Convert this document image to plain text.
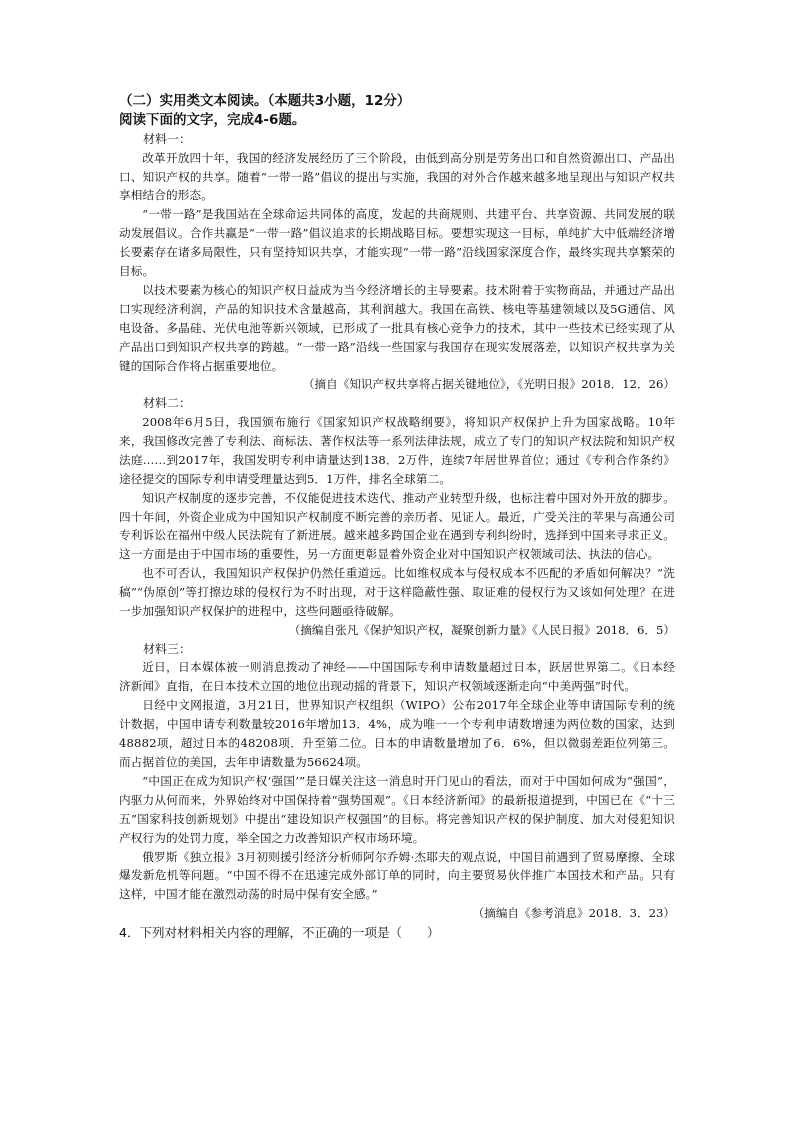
（二）实用类文本阅读。（本题共3小题，12分）

阅读下面的文字，完成4-6题。

材料一：

改革开放四十年，我国的经济发展经历了三个阶段，由低到高分别是劳务出口和自然资源出口、产品出口、知识产权的共享。随着“一带一路”倡议的提出与实施，我国的对外合作越来越多地呈现出与知识产权共享相结合的形态。

“一带一路”是我国站在全球命运共同体的高度，发起的共商规则、共建平台、共享资源、共同发展的联动发展倡议。合作共赢是“一带一路”倡议追求的长期战略目标。要想实现这一目标，单纯扩大中低端经济增长要素存在诸多局限性，只有坚持知识共享，才能实现“一带一路”沿线国家深度合作，最终实现共享繁荣的目标。

以技术要素为核心的知识产权日益成为当今经济增长的主导要素。技术附着于实物商品，并通过产品出口实现经济利润，产品的知识技术含量越高，其利润越大。我国在高铁、核电等基建领域以及5G通信、风电设备、多晶硅、光伏电池等新兴领域，已形成了一批具有核心竞争力的技术，其中一些技术已经实现了从产品出口到知识产权共享的跨越。“一带一路”沿线一些国家与我国存在现实发展落差，以知识产权共享为关键的国际合作将占据重要地位。

（摘自《知识产权共享将占据关键地位》，《光明日报》2018．12．26）

材料二：

2008年6月5日，我国颁布施行《国家知识产权战略纲要》，将知识产权保护上升为国家战略。10年来，我国修改完善了专利法、商标法、著作权法等一系列法律法规，成立了专门的知识产权法院和知识产权法庭……到2017年，我国发明专利申请量达到138．2万件，连续7年居世界首位；通过《专利合作条约》途径提交的国际专利申请受理量达到5．1万件，排名全球第二。

知识产权制度的逐步完善，不仅能促进技术迭代、推动产业转型升级，也标注着中国对外开放的脚步。四十年间，外资企业成为中国知识产权制度不断完善的亲历者、见证人。最近，广受关注的苹果与高通公司专利诉讼在福州中级人民法院有了新进展。越来越多跨国企业在遇到专利纠纷时，选择到中国来寻求正义。这一方面是由于中国市场的重要性，另一方面更彰显着外资企业对中国知识产权领域司法、执法的信心。

也不可否认，我国知识产权保护仍然任重道远。比如维权成本与侵权成本不匹配的矛盾如何解决？“洗稿”“伪原创”等打擦边球的侵权行为不时出现，对于这样隐蔽性强、取证难的侵权行为又该如何处理？在进一步加强知识产权保护的进程中，这些问题亟待破解。

（摘编自张凡《保护知识产权，凝聚创新力量》《人民日报》2018．6．5）

材料三：

近日，日本媒体被一则消息拨动了神经——中国国际专利申请数量超过日本，跃居世界第二。《日本经济新闻》直指，在日本技术立国的地位出现动摇的背景下，知识产权领域逐渐走向“中美两强”时代。

日经中文网报道，3月21日，世界知识产权组织（WIPO）公布2017年全球企业等申请国际专利的统计数据，中国申请专利数量较2016年增加13．4%，成为唯一一个专利申请数增速为两位数的国家，达到48882项，超过日本的48208项．升至第二位。日本的申请数量增加了6．6%，但以微弱差距位列第三。而占据首位的美国，去年申请数量为56624项。

“中国正在成为知识产权‘强国’”是日媒关注这一消息时开门见山的看法，而对于中国如何成为“强国”，内驱力从何而来，外界始终对中国保持着“强势国观”。《日本经济新闻》的最新报道提到，中国已在《“十三五”国家科技创新规划》中提出“建设知识产权强国”的目标。将完善知识产权的保护制度、加大对侵犯知识产权行为的处罚力度，举全国之力改善知识产权市场环境。

俄罗斯《独立报》3月初则援引经济分析师阿尔乔姆·杰耶夫的观点说，中国目前遇到了贸易摩擦、全球爆发新危机等问题。“中国不得不在迅速完成外部订单的同时，向主要贸易伙伴推广本国技术和产品。只有这样，中国才能在激烈动荡的时局中保有安全感。”

（摘编自《参考消息》2018．3．23）

4．下列对材料相关内容的理解，不正确的一项是（　　）
